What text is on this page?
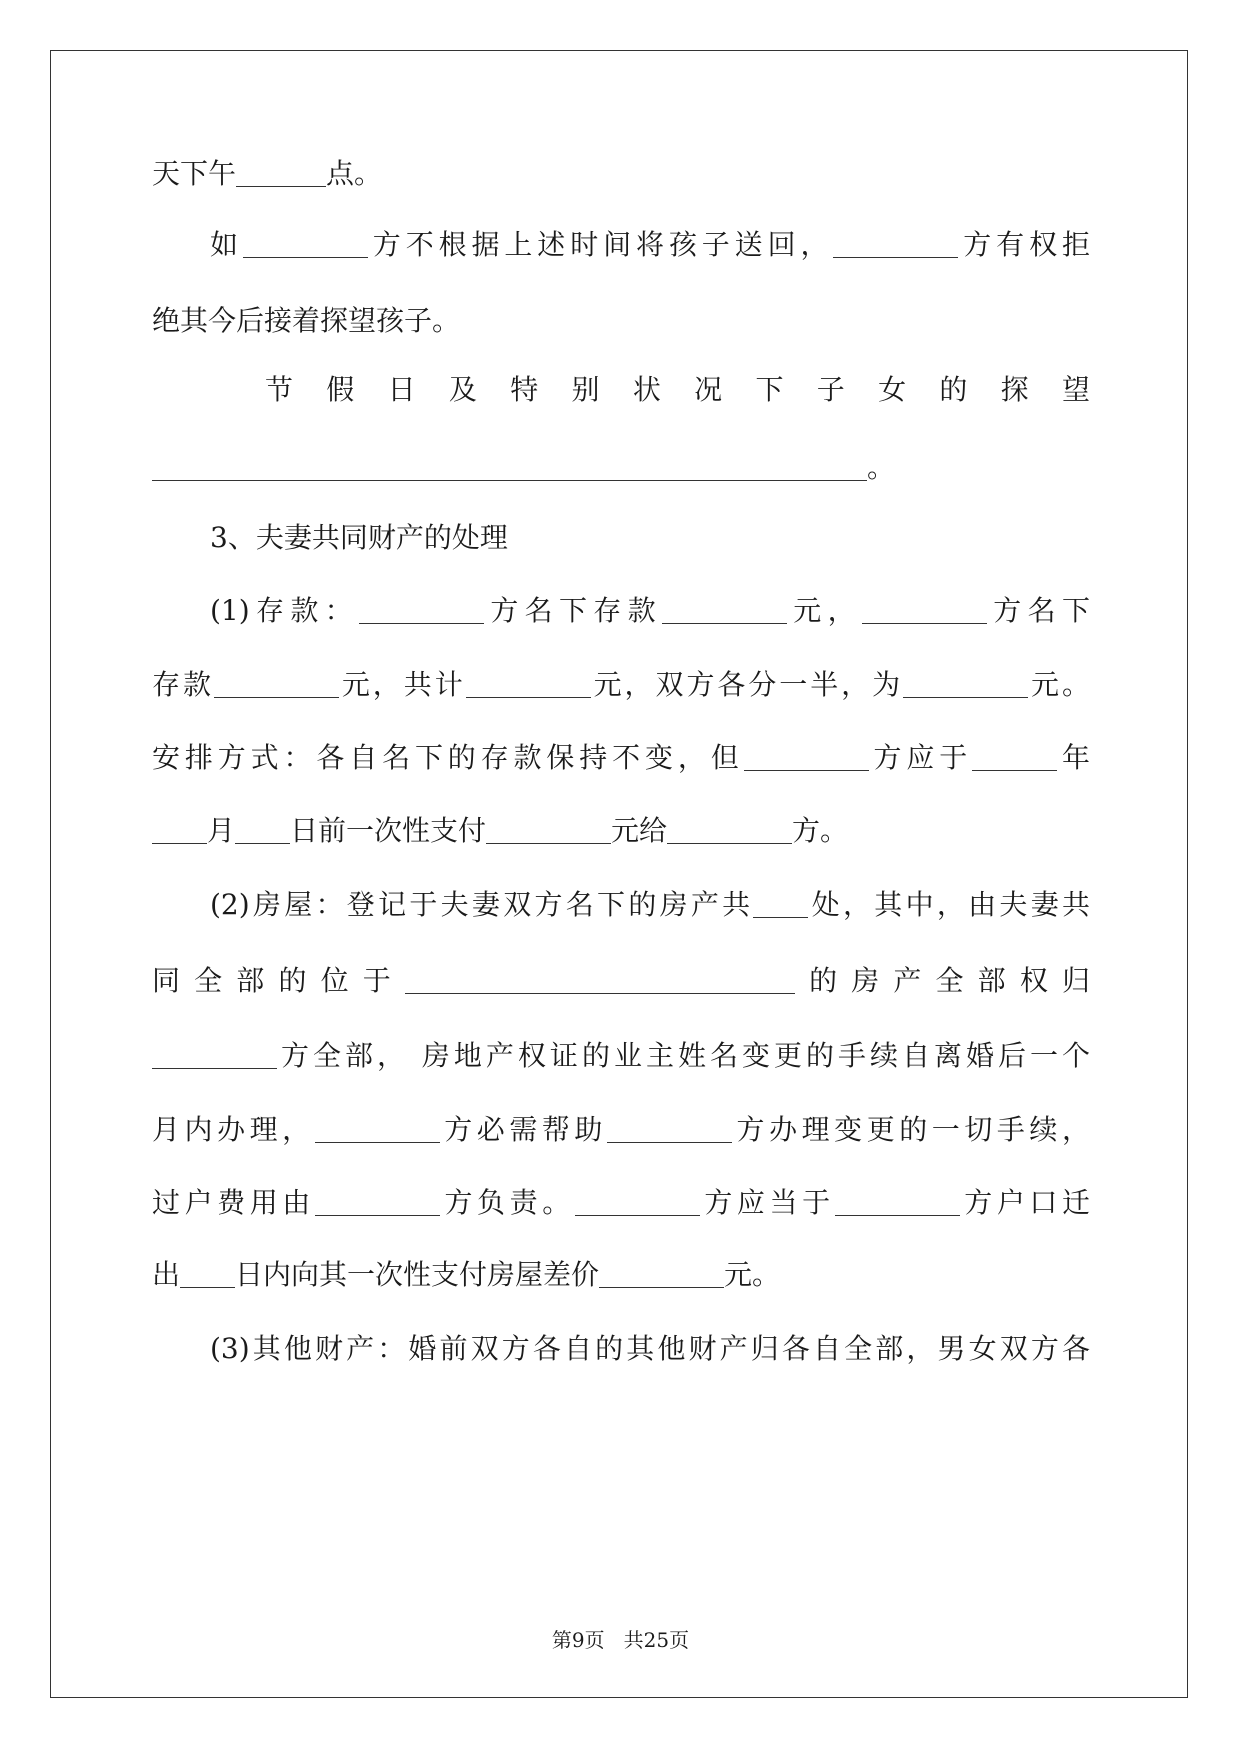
天下午	点。
如	方不根据上述时间将孩子送回，	方有权拒
绝其今后接着探望孩子。
节假日及特别状况下子女的探望
。
3、夫妻共同财产的处理
(1)存款：	方名下存款	元，	方名下
存款	元，共计	元，双方各分一半，为	元。
安排方式：各自名下的存款保持不变，但	方应于	年
月 日前一次性支付	元给	方。
(2)房屋：登记于夫妻双方名下的房产共 处，其中，由夫妻共
同全部的位于	的房产全部权归
方全部， 房地产权证的业主姓名变更的手续自离婚后一个
月内办理，	方必需帮助	方办理变更的一切手续，
过户费用由	方负责。	方应当于	方户口迁
出 日内向其一次性支付房屋差价	元。
(3)其他财产：婚前双方各自的其他财产归各自全部，男女双方各
第9页 共25页
